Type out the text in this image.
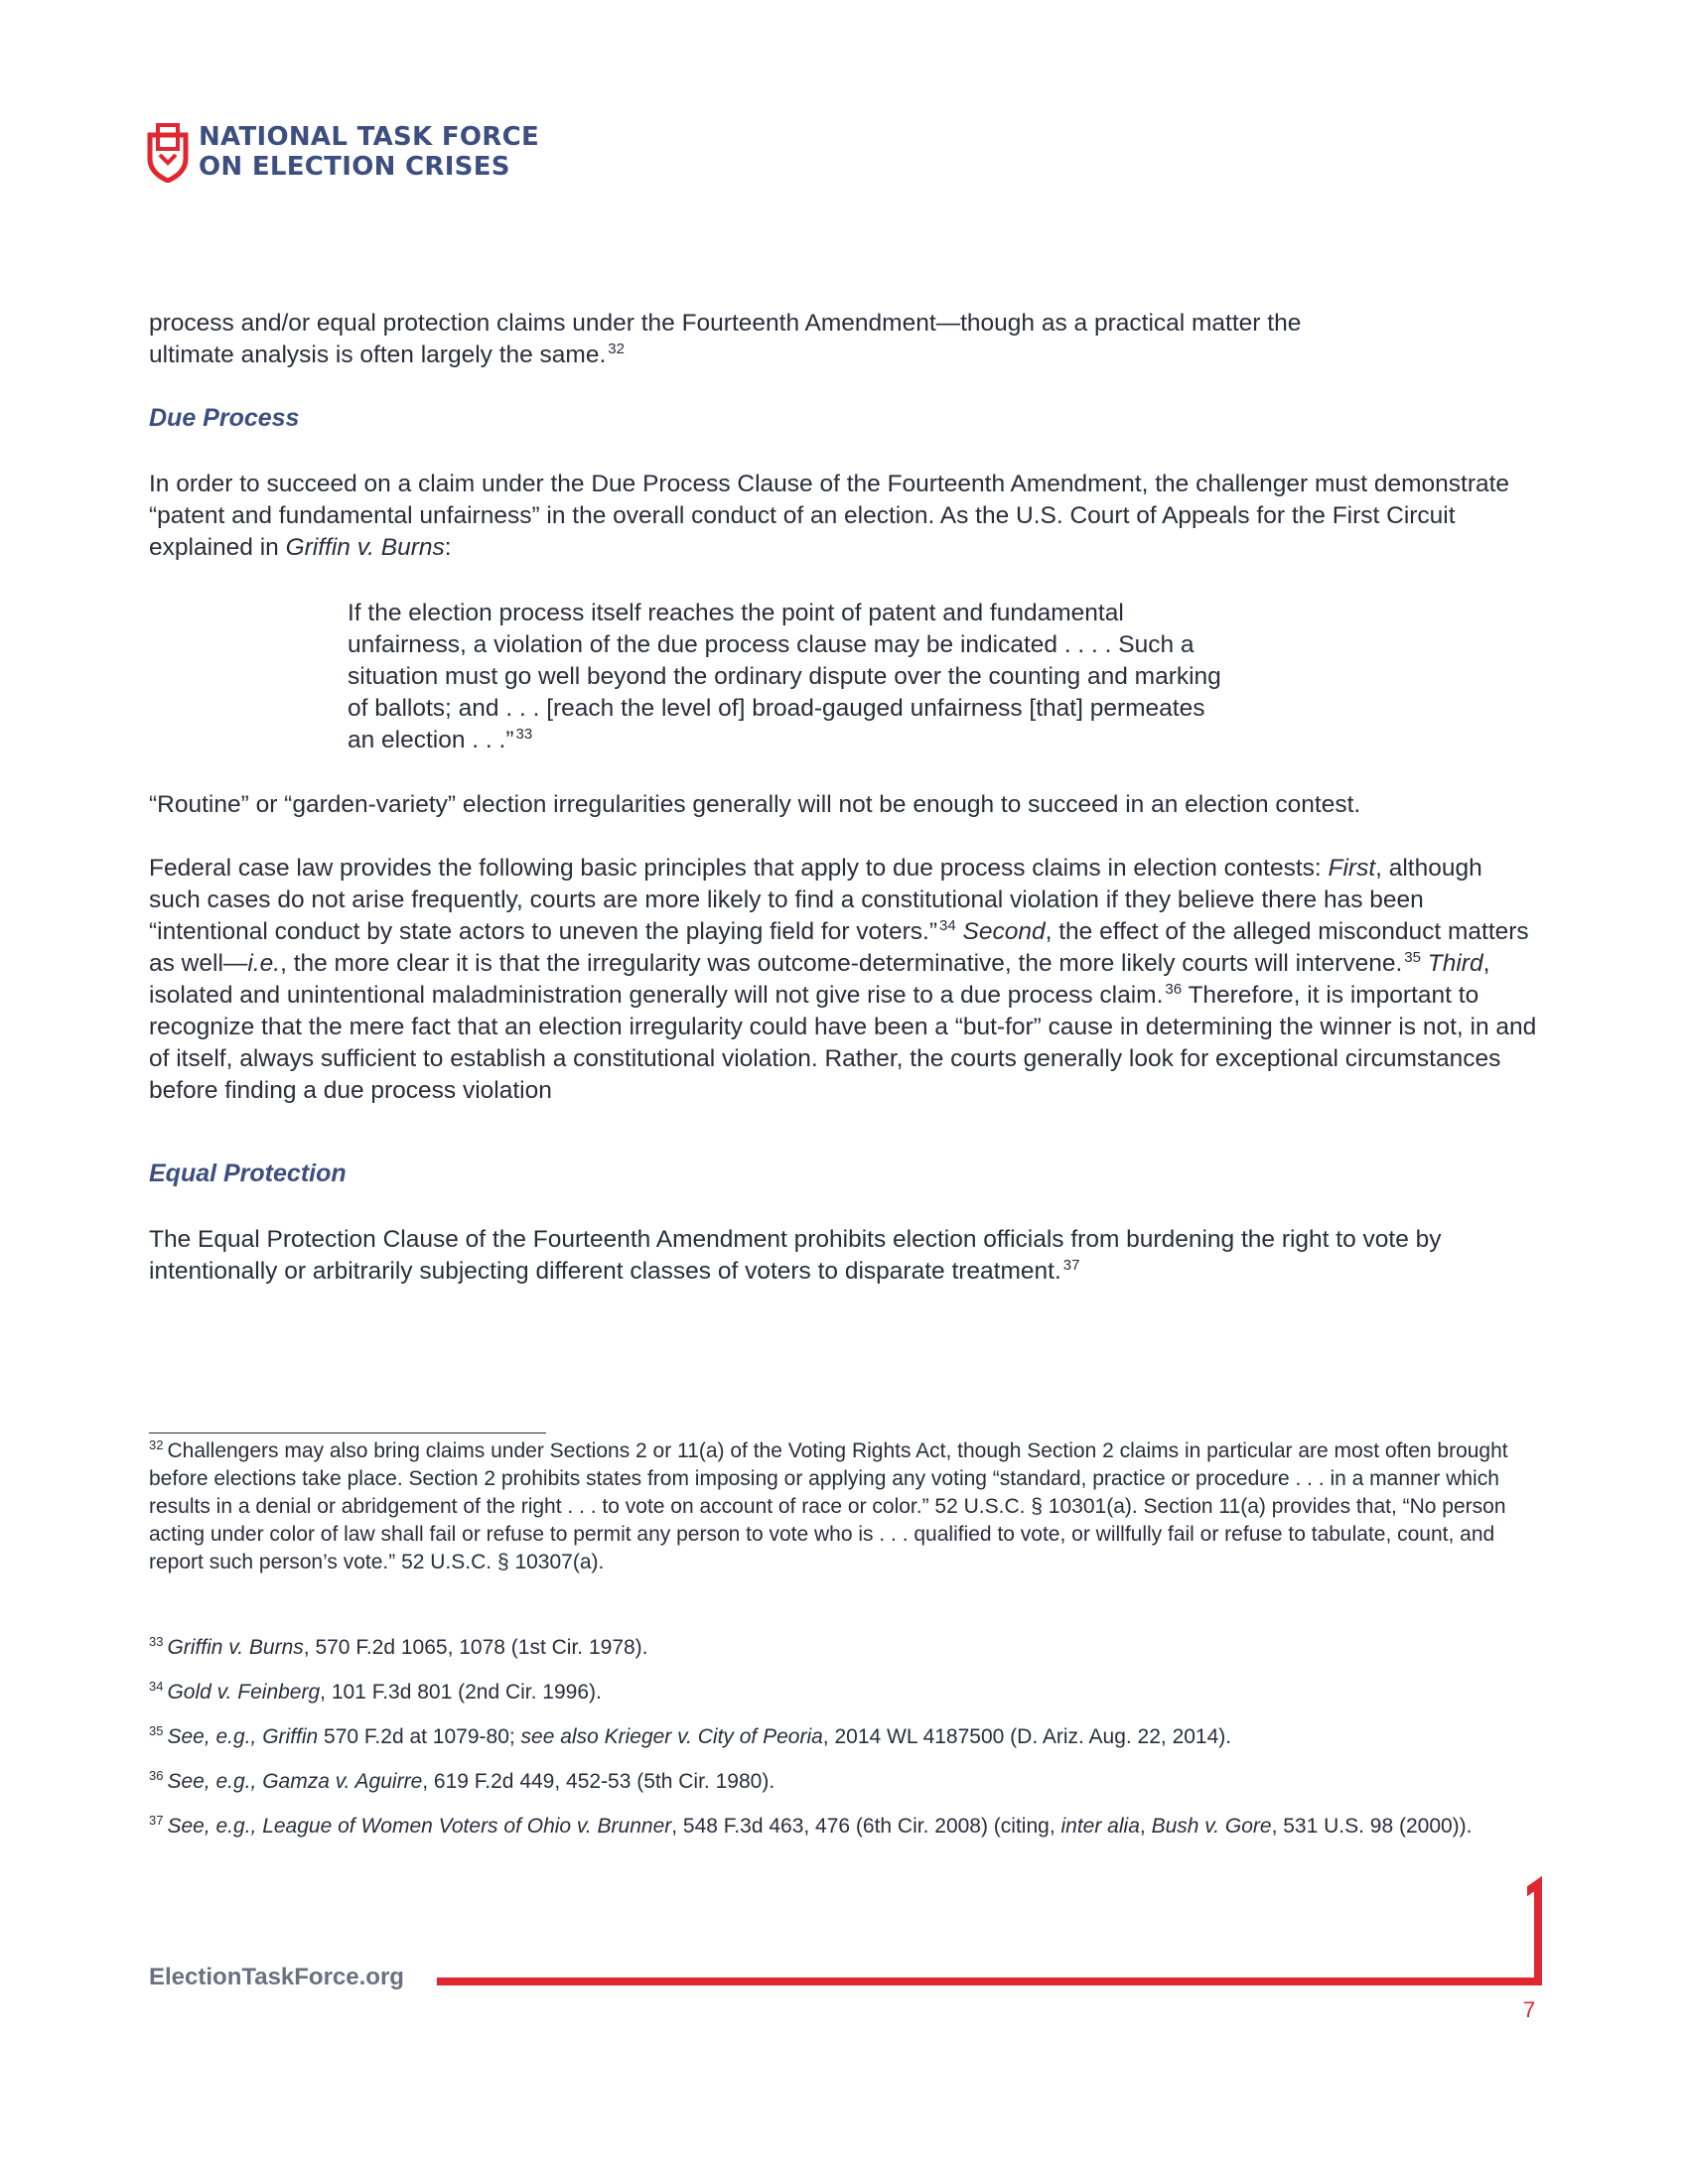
NATIONAL TASK FORCE
ON ELECTION CRISES

process and/or equal protection claims under the Fourteenth Amendment—though as a practical matter the
ultimate analysis is often largely the same. $^{32}$

Due Process

In order to succeed on a claim under the Due Process Clause of the Fourteenth Amendment, the challenger must demonstrate “patent and fundamental unfairness” in the overall conduct of an election. As the U.S. Court of Appeals for the First Circuit explained in Griffin v. Burns:

If the election process itself reaches the point of patent and fundamental
unfairness, a violation of the due process clause may be indicated . . . . Such a
situation must go well beyond the ordinary dispute over the counting and marking
of ballots; and . . . [reach the level of] broad-gauged unfairness [that] permeates
an election . . .” $^{33}$
“Routine” or “garden-variety” election irregularities generally will not be enough to succeed in an election contest.

Federal case law provides the following basic principles that apply to due process claims in election contests: First, although such cases do not arise frequently, courts are more likely to find a constitutional violation if they believe there has been “intentional conduct by state actors to uneven the playing field for voters.” $^{34}$ Second, the effect of the alleged misconduct matters as well—i.e., the more clear it is that the irregularity was outcome-determinative, the more likely courts will intervene. $^{35}$ Third, isolated and unintentional maladministration generally will not give rise to a due process claim. $^{36}$ Therefore, it is important to recognize that the mere fact that an election irregularity could have been a “but-for” cause in determining the winner is not, in and of itself, always sufficient to establish a constitutional violation. Rather, the courts generally look for exceptional circumstances before finding a due process violation

Equal Protection

The Equal Protection Clause of the Fourteenth Amendment prohibits election officials from burdening the right to vote by intentionally or arbitrarily subjecting different classes of voters to disparate treatment. $^{37}$

$^{32}$ Challengers may also bring claims under Sections 2 or 11(a) of the Voting Rights Act, though Section 2 claims in particular are most often brought before elections take place. Section 2 prohibits states from imposing or applying any voting “standard, practice or procedure . . . in a manner which results in a denial or abridgement of the right . . . to vote on account of race or color.” 52 U.S.C. § 10301(a). Section 11(a) provides that, “No person acting under color of law shall fail or refuse to permit any person to vote who is . . . qualified to vote, or willfully fail or refuse to tabulate, count, and report such person’s vote.” 52 U.S.C. § 10307(a).

$^{33}$ Griffin v. Burns, 570 F.2d 1065, 1078 (1st Cir. 1978).

$^{34}$ Gold v. Feinberg, 101 F.3d 801 (2nd Cir. 1996).

$^{35}$ See, e.g., Griffin 570 F.2d at 1079-80; see also Krieger v. City of Peoria, 2014 WL 4187500 (D. Ariz. Aug. 22, 2014).

$^{36}$ See, e.g., Gamza v. Aguirre, 619 F.2d 449, 452-53 (5th Cir. 1980).

$^{37}$ See, e.g., League of Women Voters of Ohio v. Brunner, 548 F.3d 463, 476 (6th Cir. 2008) (citing, inter alia, Bush v. Gore, 531 U.S. 98 (2000)).

ElectionTaskForce.org
7
